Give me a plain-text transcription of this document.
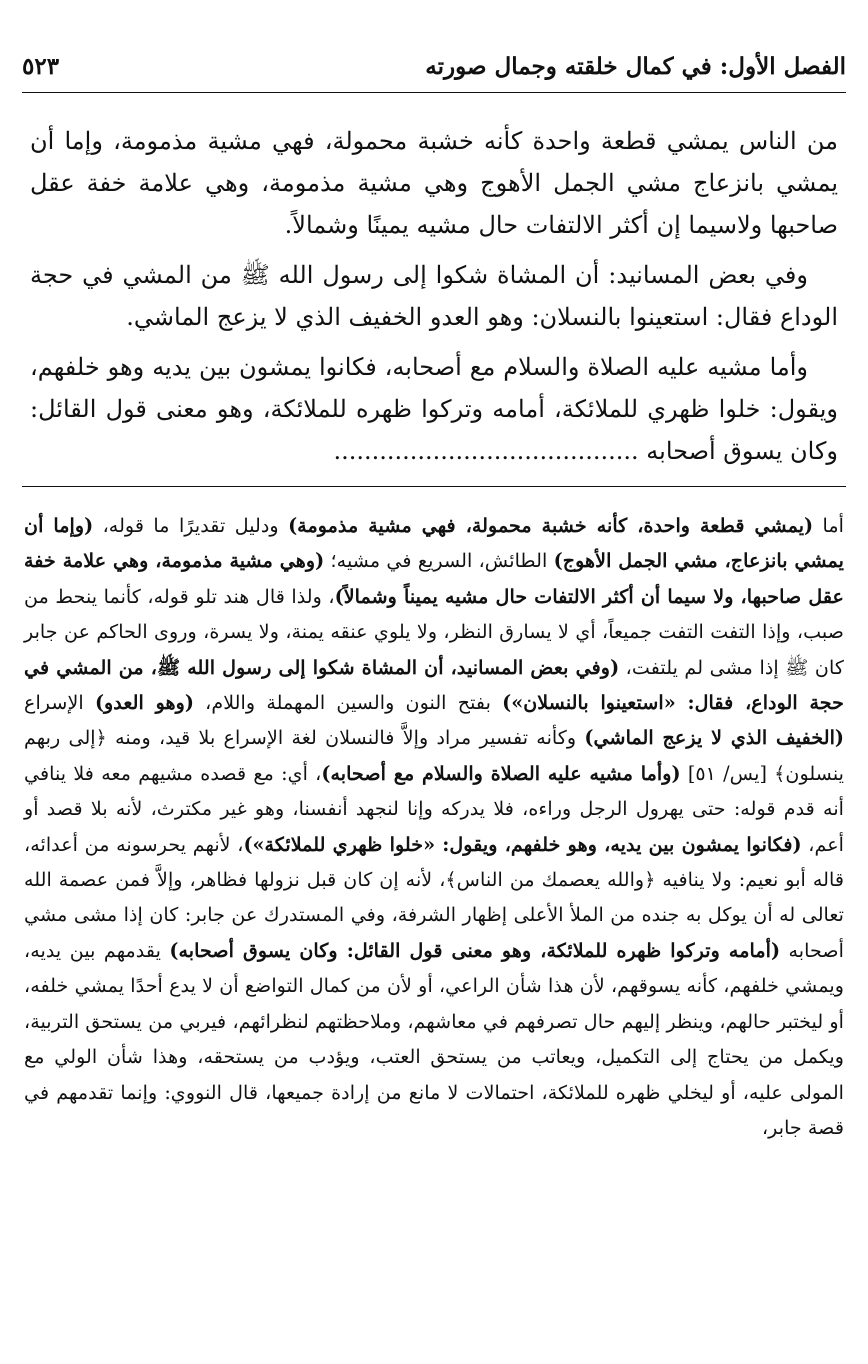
٥٢٣	الفصل الأول: في كمال خلقته وجمال صورته

من الناس يمشي قطعة واحدة كأنه خشبة محمولة، فهي مشية مذمومة، وإما أن يمشي بانزعاج مشي الجمل الأهوج وهي مشية مذمومة، وهي علامة خفة عقل صاحبها ولاسيما إن أكثر الالتفات حال مشيه يمينًا وشمالاً.

وفي بعض المسانيد: أن المشاة شكوا إلى رسول الله ﷺ من المشي في حجة الوداع فقال: استعينوا بالنسلان: وهو العدو الخفيف الذي لا يزعج الماشي.

وأما مشيه عليه الصلاة والسلام مع أصحابه، فكانوا يمشون بين يديه وهو خلفهم، ويقول: خلوا ظهري للملائكة، أمامه وتركوا ظهره للملائكة، وهو معنى قول القائل: وكان يسوق أصحابه ........................................

أما (يمشي قطعة واحدة، كأنه خشبة محمولة، فهي مشية مذمومة) ودليل تقديرًا ما قوله، (وإما أن يمشي بانزعاج، مشي الجمل الأهوج) الطائش، السريع في مشيه؛ (وهي مشية مذمومة، وهي علامة خفة عقل صاحبها، ولا سيما أن أكثر الالتفات حال مشيه يميناً وشمالاً)، ولذا قال هند تلو قوله، كأنما ينحط من صبب، وإذا التفت التفت جميعاً، أي لا يسارق النظر، ولا يلوي عنقه يمنة، ولا يسرة، وروى الحاكم عن جابر كان ﷺ إذا مشى لم يلتفت، (وفي بعض المسانيد، أن المشاة شكوا إلى رسول الله ﷺ، من المشي في حجة الوداع، فقال: «استعينوا بالنسلان») بفتح النون والسين المهملة واللام، (وهو العدو) الإسراع (الخفيف الذي لا يزعج الماشي) وكأنه تفسير مراد وإلاَّ فالنسلان لغة الإسراع بلا قيد، ومنه ﴿إلى ربهم ينسلون﴾ [يس/ ٥١] (وأما مشيه عليه الصلاة والسلام مع أصحابه)، أي: مع قصده مشيهم معه فلا ينافي أنه قدم قوله: حتى يهرول الرجل وراءه، فلا يدركه وإنا لنجهد أنفسنا، وهو غير مكترث، لأنه بلا قصد أو أعم، (فكانوا يمشون بين يديه، وهو خلفهم، ويقول: «خلوا ظهري للملائكة»)، لأنهم يحرسونه من أعدائه، قاله أبو نعيم: ولا ينافيه ﴿والله يعصمك من الناس﴾، لأنه إن كان قبل نزولها فظاهر، وإلاَّ فمن عصمة الله تعالى له أن يوكل به جنده من الملأ الأعلى إظهار الشرفة، وفي المستدرك عن جابر: كان إذا مشى مشي أصحابه (أمامه وتركوا ظهره للملائكة، وهو معنى قول القائل: وكان يسوق أصحابه) يقدمهم بين يديه، ويمشي خلفهم، كأنه يسوقهم، لأن هذا شأن الراعي، أو لأن من كمال التواضع أن لا يدع أحدًا يمشي خلفه، أو ليختبر حالهم، وينظر إليهم حال تصرفهم في معاشهم، وملاحظتهم لنظرائهم، فيربي من يستحق التربية، ويكمل من يحتاج إلى التكميل، ويعاتب من يستحق العتب، ويؤدب من يستحقه، وهذا شأن الولي مع المولى عليه، أو ليخلي ظهره للملائكة، احتمالات لا مانع من إرادة جميعها، قال النووي: وإنما تقدمهم في قصة جابر،
